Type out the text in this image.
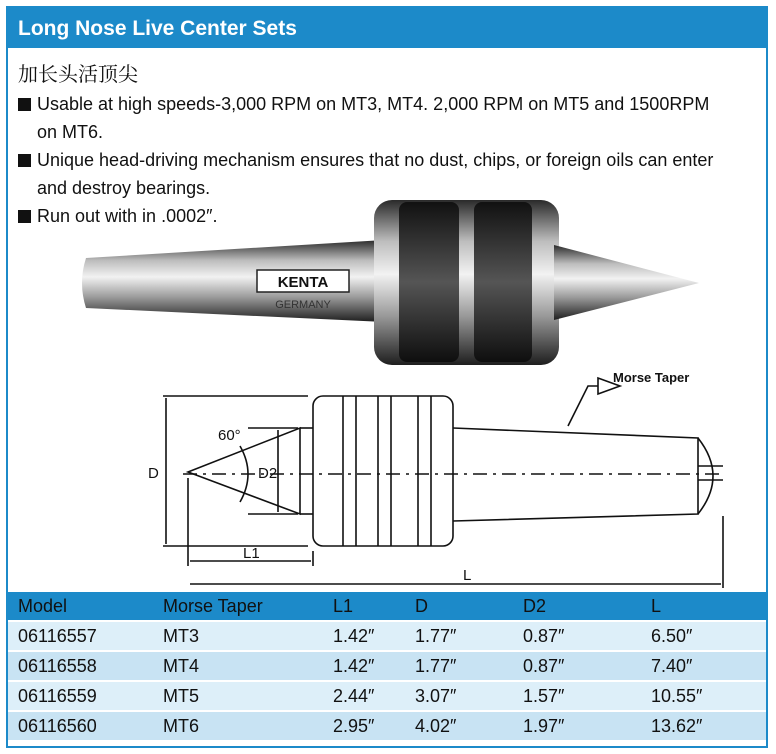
Long Nose Live Center Sets
加长头活顶尖
Usable at high speeds-3,000 RPM on MT3, MT4. 2,000 RPM on MT5 and 1500RPM on MT6.
Unique head-driving mechanism ensures that no dust, chips, or foreign oils can enter and destroy bearings.
Run out with in .0002″.
KENTA
GERMANY
Morse Taper
60°
D	D2
L1
L
Model	Morse Taper	L1	D	D2	L
06116557	MT3	1.42″	1.77″	0.87″	6.50″
06116558	MT4	1.42″	1.77″	0.87″	7.40″
06116559	MT5	2.44″	3.07″	1.57″	10.55″
06116560	MT6	2.95″	4.02″	1.97″	13.62″
